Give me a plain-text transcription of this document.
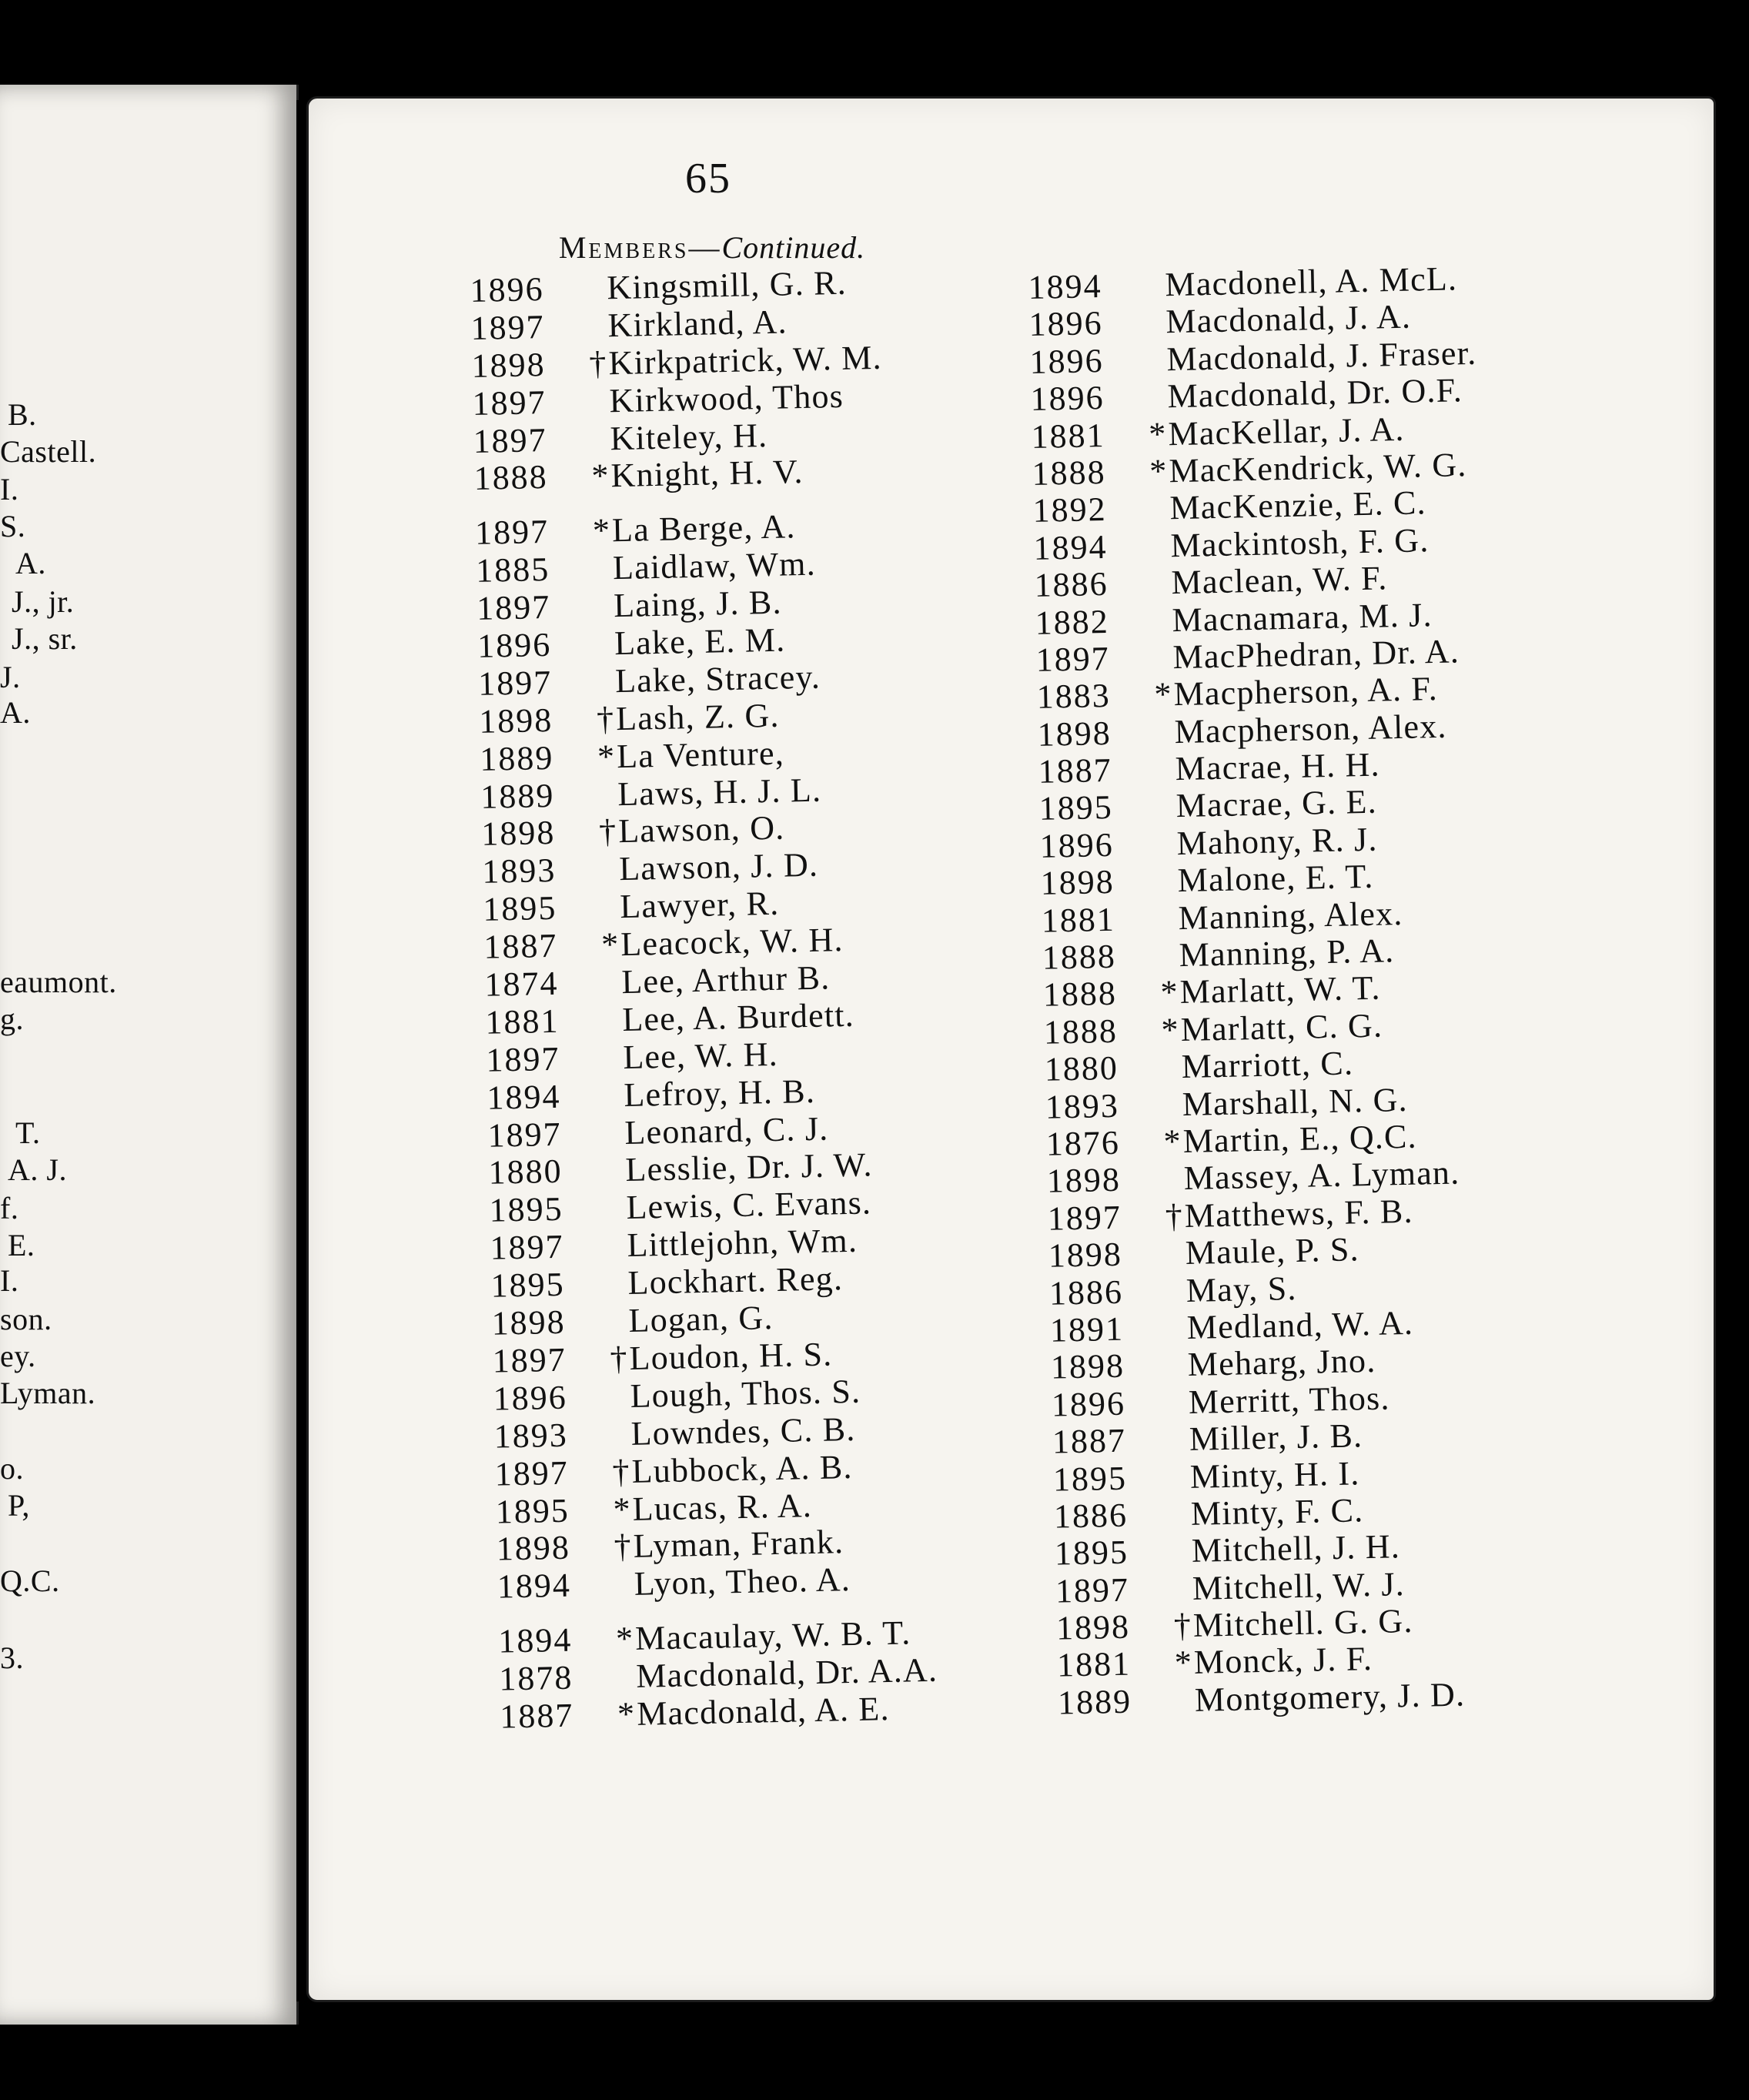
B.
Castell.
I.
S.
A.
J., jr.
J., sr.
J.
A.
eaumont.
g.
T.
A. J.
f.
E.
I.
son.
ey.
Lyman.
o.
P,
Q.C.
3.
65
Members—Continued.
1896	Kingsmill, G. R.
1897	Kirkland, A.
1898	† Kirkpatrick, W. M.
1897	Kirkwood, Thos
1897	Kiteley, H.
1888	* Knight, H. V.
1897	* La Berge, A.
1885	Laidlaw, Wm.
1897	Laing, J. B.
1896	Lake, E. M.
1897	Lake, Stracey.
1898	† Lash, Z. G.
1889	* La Venture,
1889	Laws, H. J. L.
1898	† Lawson, O.
1893	Lawson, J. D.
1895	Lawyer, R.
1887	* Leacock, W. H.
1874	Lee, Arthur B.
1881	Lee, A. Burdett.
1897	Lee, W. H.
1894	Lefroy, H. B.
1897	Leonard, C. J.
1880	Lesslie, Dr. J. W.
1895	Lewis, C. Evans.
1897	Littlejohn, Wm.
1895	Lockhart. Reg.
1898	Logan, G.
1897	† Loudon, H. S.
1896	Lough, Thos. S.
1893	Lowndes, C. B.
1897	† Lubbock, A. B.
1895	* Lucas, R. A.
1898	† Lyman, Frank.
1894	Lyon, Theo. A.
1894	* Macaulay, W. B. T.
1878	Macdonald, Dr. A.A.
1887	* Macdonald, A. E.
1894	Macdonell, A. McL.
1896	Macdonald, J. A.
1896	Macdonald, J. Fraser.
1896	Macdonald, Dr. O.F.
1881	* MacKellar, J. A.
1888	* MacKendrick, W. G.
1892	MacKenzie, E. C.
1894	Mackintosh, F. G.
1886	Maclean, W. F.
1882	Macnamara, M. J.
1897	MacPhedran, Dr. A.
1883	* Macpherson, A. F.
1898	Macpherson, Alex.
1887	Macrae, H. H.
1895	Macrae, G. E.
1896	Mahony, R. J.
1898	Malone, E. T.
1881	Manning, Alex.
1888	Manning, P. A.
1888	* Marlatt, W. T.
1888	* Marlatt, C. G.
1880	Marriott, C.
1893	Marshall, N. G.
1876	* Martin, E., Q.C.
1898	Massey, A. Lyman.
1897	† Matthews, F. B.
1898	Maule, P. S.
1886	May, S.
1891	Medland, W. A.
1898	Meharg, Jno.
1896	Merritt, Thos.
1887	Miller, J. B.
1895	Minty, H. I.
1886	Minty, F. C.
1895	Mitchell, J. H.
1897	Mitchell, W. J.
1898	† Mitchell. G. G.
1881	* Monck, J. F.
1889	Montgomery, J. D.
